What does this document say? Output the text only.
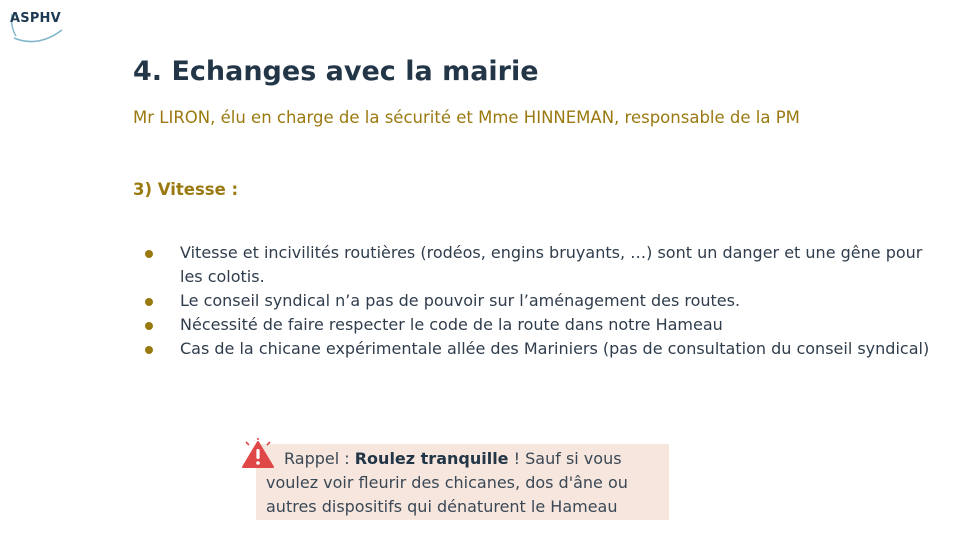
ASPHV
4. Echanges avec la mairie
Mr LIRON, élu en charge de la sécurité et Mme HINNEMAN, responsable de la PM
3) Vitesse :
Vitesse et incivilités routières (rodéos, engins bruyants, …) sont un danger et une gêne pour les colotis.
Le conseil syndical n’a pas de pouvoir sur l’aménagement des routes.
Nécessité de faire respecter le code de la route dans notre Hameau
Cas de la chicane expérimentale allée des Mariniers (pas de consultation du conseil syndical)
Rappel : Roulez tranquille ! Sauf si vous voulez voir fleurir des chicanes, dos d'âne ou autres dispositifs qui dénaturent le Hameau
